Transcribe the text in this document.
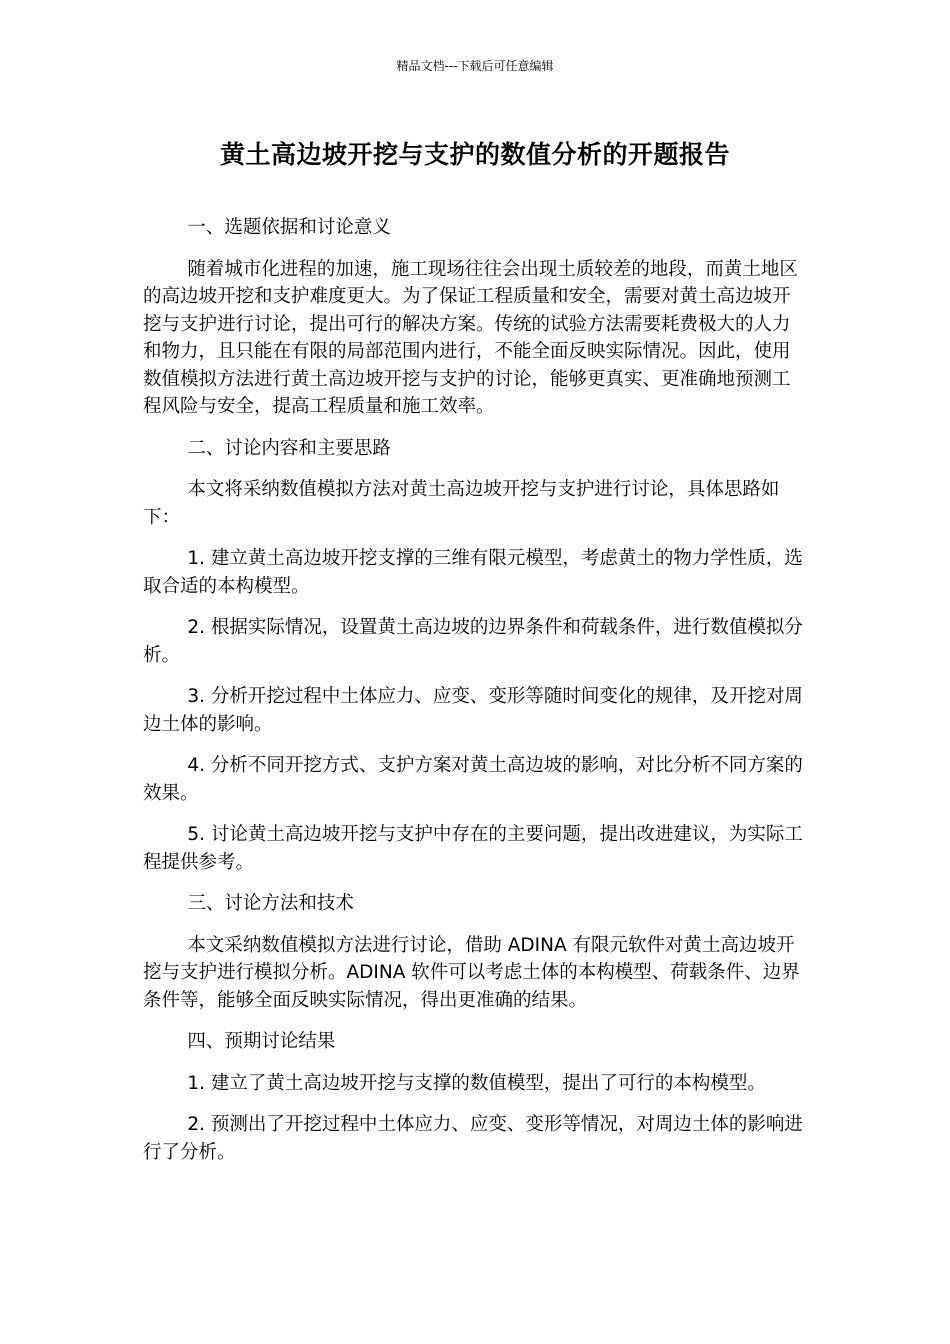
精品文档---下载后可任意编辑
黄土高边坡开挖与支护的数值分析的开题报告

一、选题依据和讨论意义

随着城市化进程的加速，施工现场往往会出现土质较差的地段，而黄土地区的高边坡开挖和支护难度更大。为了保证工程质量和安全，需要对黄土高边坡开挖与支护进行讨论，提出可行的解决方案。传统的试验方法需要耗费极大的人力和物力，且只能在有限的局部范围内进行，不能全面反映实际情况。因此，使用数值模拟方法进行黄土高边坡开挖与支护的讨论，能够更真实、更准确地预测工程风险与安全，提高工程质量和施工效率。

二、讨论内容和主要思路

本文将采纳数值模拟方法对黄土高边坡开挖与支护进行讨论，具体思路如下：

1. 建立黄土高边坡开挖支撑的三维有限元模型，考虑黄土的物力学性质，选取合适的本构模型。

2. 根据实际情况，设置黄土高边坡的边界条件和荷载条件，进行数值模拟分析。

3. 分析开挖过程中土体应力、应变、变形等随时间变化的规律，及开挖对周边土体的影响。

4. 分析不同开挖方式、支护方案对黄土高边坡的影响，对比分析不同方案的效果。

5. 讨论黄土高边坡开挖与支护中存在的主要问题，提出改进建议，为实际工程提供参考。

三、讨论方法和技术

本文采纳数值模拟方法进行讨论，借助 ADINA 有限元软件对黄土高边坡开挖与支护进行模拟分析。ADINA 软件可以考虑土体的本构模型、荷载条件、边界条件等，能够全面反映实际情况，得出更准确的结果。

四、预期讨论结果

1. 建立了黄土高边坡开挖与支撑的数值模型，提出了可行的本构模型。

2. 预测出了开挖过程中土体应力、应变、变形等情况，对周边土体的影响进行了分析。
